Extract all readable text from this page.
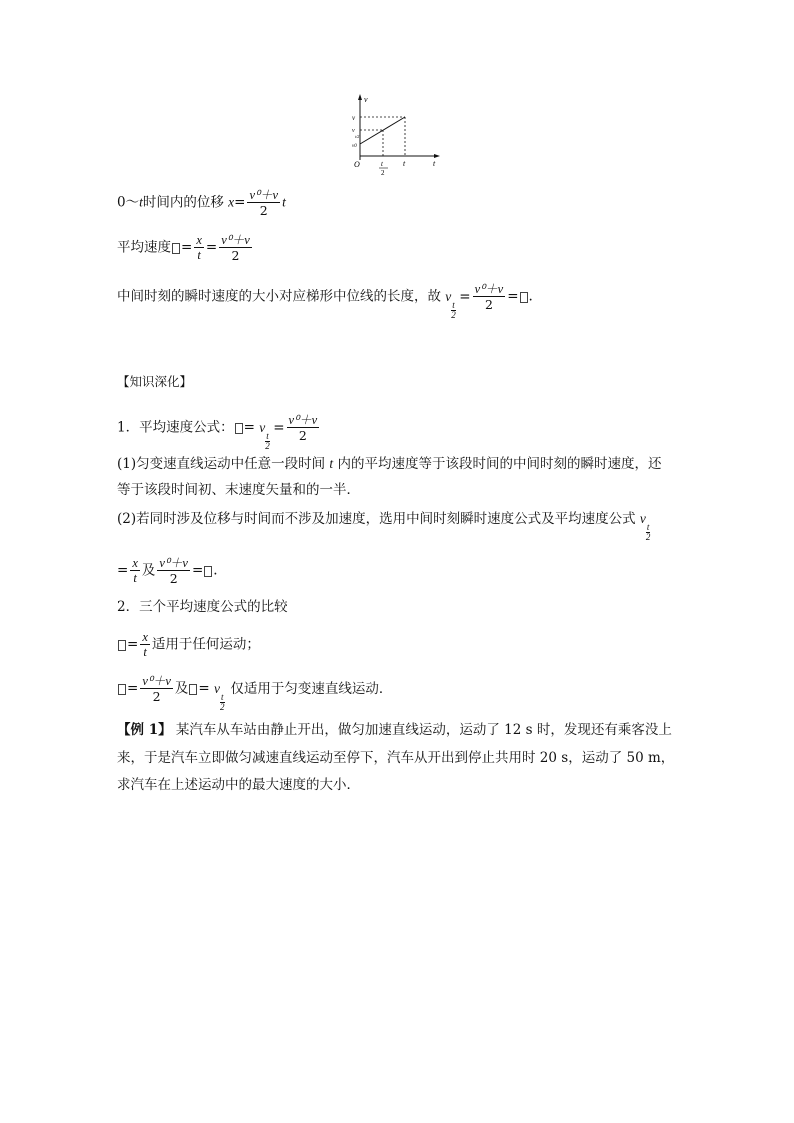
v
v
v
t/2
v0
O	t
2
t	t
0～t时间内的位移 $x= \frac{\text{v⁰＋v}}{2}$ t
平均速度 = $\frac{x}{t} = \frac{\text{v⁰＋v}}{2}$
中间时刻的瞬时速度的大小对应梯形中位线的长度，故 v
t
2
= $\frac{\text{v⁰＋v}}{2}$ = .
【知识深化】
1．平均速度公式： = v
t
2
= $\frac{\text{v⁰＋v}}{2}$
(1)匀变速直线运动中任意一段时间 t 内的平均速度等于该段时间的中间时刻的瞬时速度，还
等于该段时间初、末速度矢量和的一半．
(2)若同时涉及位移与时间而不涉及加速度，选用中间时刻瞬时速度公式及平均速度公式 v
t
2
= $\frac{x}{t}$ 及 $\frac{\text{v⁰＋v}}{2}$ = .
2．三个平均速度公式的比较
= $\frac{x}{t}$ 适用于任何运动；
= $\frac{\text{v⁰＋v}}{2}$ 及 = v
t
2
仅适用于匀变速直线运动．
【例 1】 某汽车从车站由静止开出，做匀加速直线运动，运动了 12 s 时，发现还有乘客没上
来，于是汽车立即做匀减速直线运动至停下，汽车从开出到停止共用时 20 s，运动了 50 m，
求汽车在上述运动中的最大速度的大小．
